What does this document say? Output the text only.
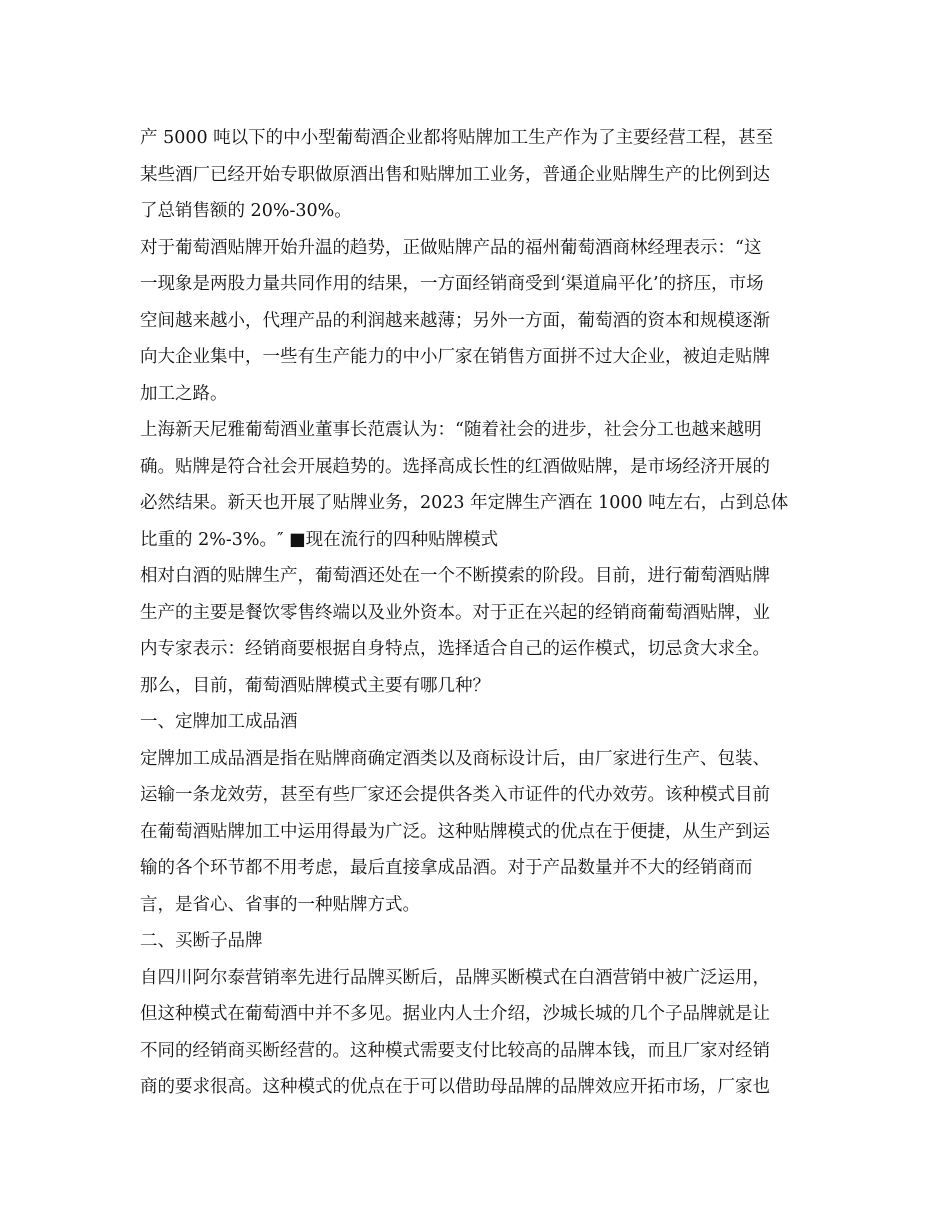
产 5000 吨以下的中小型葡萄酒企业都将贴牌加工生产作为了主要经营工程，甚至
某些酒厂已经开始专职做原酒出售和贴牌加工业务，普通企业贴牌生产的比例到达
了总销售额的 20%-30%。
对于葡萄酒贴牌开始升温的趋势，正做贴牌产品的福州葡萄酒商林经理表示：“这
一现象是两股力量共同作用的结果，一方面经销商受到‘渠道扁平化’的挤压，市场
空间越来越小，代理产品的利润越来越薄；另外一方面，葡萄酒的资本和规模逐渐
向大企业集中，一些有生产能力的中小厂家在销售方面拼不过大企业，被迫走贴牌
加工之路。
上海新天尼雅葡萄酒业董事长范震认为：“随着社会的进步，社会分工也越来越明
确。贴牌是符合社会开展趋势的。选择高成长性的红酒做贴牌，是市场经济开展的
必然结果。新天也开展了贴牌业务，2023 年定牌生产酒在 1000 吨左右，占到总体
比重的 2%-3%。″ ■现在流行的四种贴牌模式
相对白酒的贴牌生产，葡萄酒还处在一个不断摸索的阶段。目前，进行葡萄酒贴牌
生产的主要是餐饮零售终端以及业外资本。对于正在兴起的经销商葡萄酒贴牌，业
内专家表示：经销商要根据自身特点，选择适合自己的运作模式，切忌贪大求全。
那么，目前，葡萄酒贴牌模式主要有哪几种？
一、定牌加工成品酒
定牌加工成品酒是指在贴牌商确定酒类以及商标设计后，由厂家进行生产、包装、
运输一条龙效劳，甚至有些厂家还会提供各类入市证件的代办效劳。该种模式目前
在葡萄酒贴牌加工中运用得最为广泛。这种贴牌模式的优点在于便捷，从生产到运
输的各个环节都不用考虑，最后直接拿成品酒。对于产品数量并不大的经销商而
言，是省心、省事的一种贴牌方式。
二、买断子品牌
自四川阿尔泰营销率先进行品牌买断后，品牌买断模式在白酒营销中被广泛运用，
但这种模式在葡萄酒中并不多见。据业内人士介绍，沙城长城的几个子品牌就是让
不同的经销商买断经营的。这种模式需要支付比较高的品牌本钱，而且厂家对经销
商的要求很高。这种模式的优点在于可以借助母品牌的品牌效应开拓市场，厂家也
